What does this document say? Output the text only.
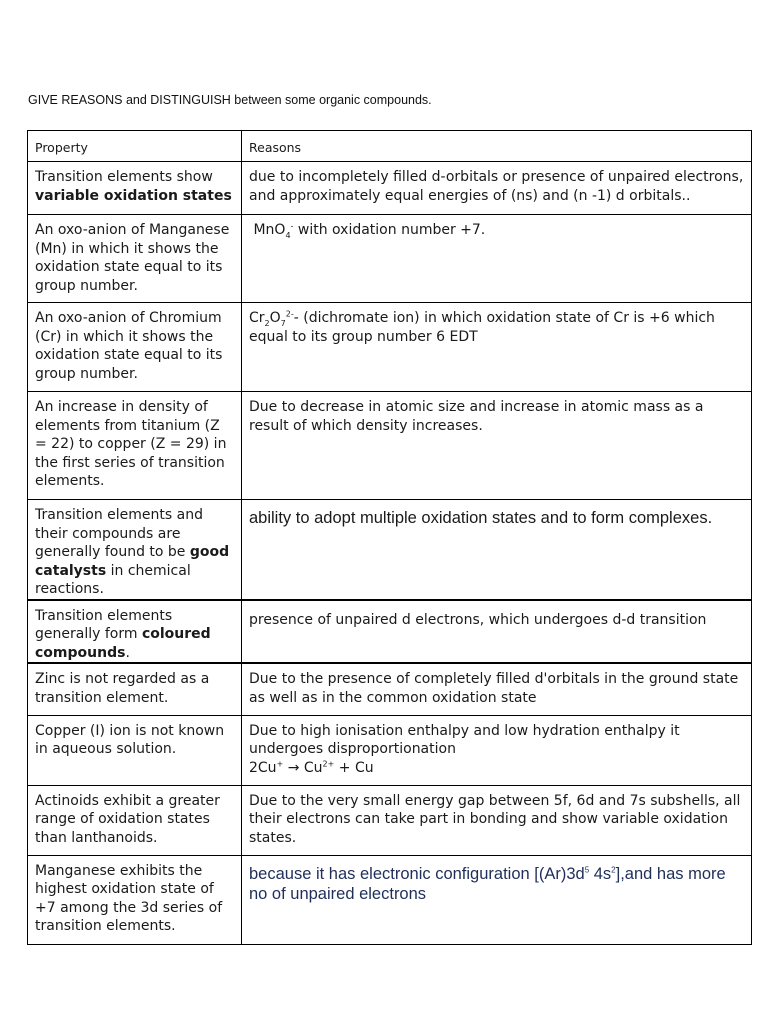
GIVE REASONS and DISTINGUISH between some organic compounds.
Property	Reasons
Transition elements show variable oxidation states	due to incompletely filled d-orbitals or presence of unpaired electrons, and approximately equal energies of (ns) and (n -1) d orbitals..
An oxo-anion of Manganese (Mn) in which it shows the oxidation state equal to its group number.	MnO$_4$- with oxidation number +7.
An oxo-anion of Chromium (Cr) in which it shows the oxidation state equal to its group number.	$Cr_2O_7^{2-}-$ (dichromate ion) in which oxidation state of Cr is +6 which equal to its group number 6 EDT
An increase in density of elements from titanium (Z = 22) to copper (Z = 29) in the first series of transition elements.	Due to decrease in atomic size and increase in atomic mass as a result of which density increases.
Transition elements and their compounds are generally found to be good catalysts in chemical reactions.	ability to adopt multiple oxidation states and to form complexes.
Transition elements generally form coloured compounds.	presence of unpaired d electrons, which undergoes d-d transition
Zinc is not regarded as a transition element.	Due to the presence of completely filled d'orbitals in the ground state as well as in the common oxidation state
Copper (I) ion is not known in aqueous solution.	Due to high ionisation enthalpy and low hydration enthalpy it undergoes disproportionation
$2Cu^+ \to Cu^{2+} + Cu$
Actinoids exhibit a greater range of oxidation states than lanthanoids.	Due to the very small energy gap between 5f, 6d and 7s subshells, all their electrons can take part in bonding and show variable oxidation states.
Manganese exhibits the highest oxidation state of +7 among the 3d series of transition elements.	because it has electronic configuration [$(Ar)3d^5$ $4s^2],and$ has more no of unpaired electrons
